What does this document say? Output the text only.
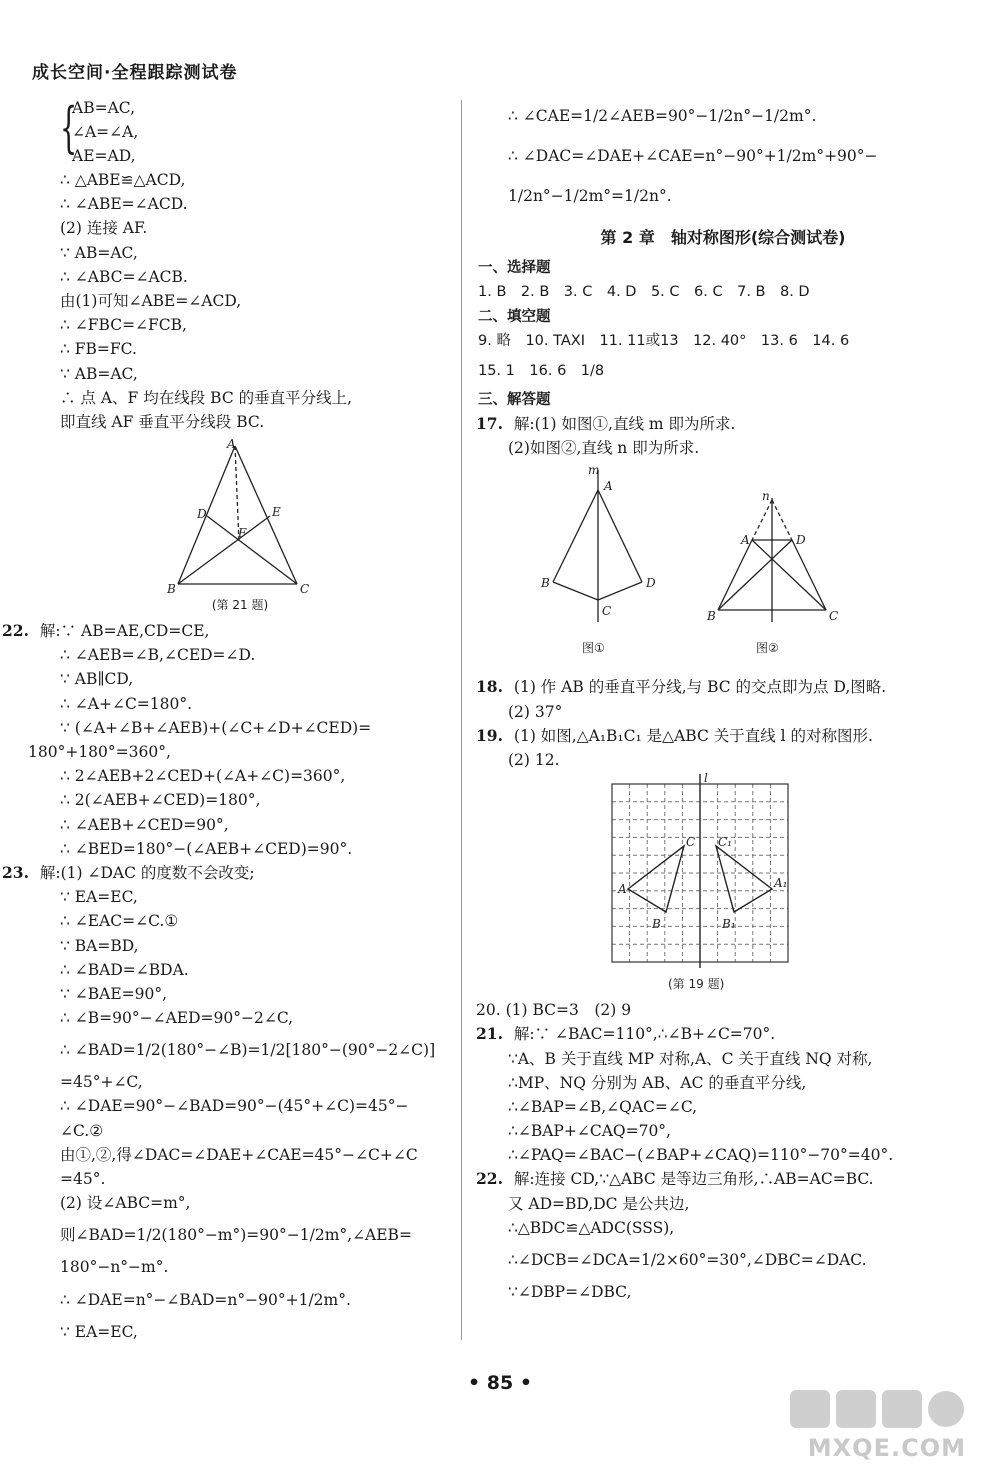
成长空间·全程跟踪测试卷
{
AB=AC,
∠A=∠A,
AE=AD,
∴ △ABE≌△ACD,
∴ ∠ABE=∠ACD.
(2) 连接 AF.
∵ AB=AC,
∴ ∠ABC=∠ACB.
由(1)可知∠ABE=∠ACD,
∴ ∠FBC=∠FCB,
∴ FB=FC.
∵ AB=AC,
∴ 点 A、F 均在线段 BC 的垂直平分线上,
即直线 AF 垂直平分线段 BC.
A
D	E
F
B	C
(第 21 题)
22. 解:∵ AB=AE,CD=CE,
∴ ∠AEB=∠B,∠CED=∠D.
∵ AB∥CD,
∴ ∠A+∠C=180°.
∵ (∠A+∠B+∠AEB)+(∠C+∠D+∠CED)=
180°+180°=360°,
∴ 2∠AEB+2∠CED+(∠A+∠C)=360°,
∴ 2(∠AEB+∠CED)=180°,
∴ ∠AEB+∠CED=90°,
∴ ∠BED=180°−(∠AEB+∠CED)=90°.
23. 解:(1) ∠DAC 的度数不会改变;
∵ EA=EC,
∴ ∠EAC=∠C.①
∵ BA=BD,
∴ ∠BAD=∠BDA.
∵ ∠BAE=90°,
∴ ∠B=90°−∠AED=90°−2∠C,
∴ ∠BAD=1/2(180°−∠B)=1/2[180°−(90°−2∠C)]
=45°+∠C,
∴ ∠DAE=90°−∠BAD=90°−(45°+∠C)=45°−
∠C.②
由①,②,得∠DAC=∠DAE+∠CAE=45°−∠C+∠C
=45°.
(2) 设∠ABC=m°,
则∠BAD=1/2(180°−m°)=90°−1/2m°,∠AEB=
180°−n°−m°.
∴ ∠DAE=n°−∠BAD=n°−90°+1/2m°.
∵ EA=EC,
∴ ∠CAE=1/2∠AEB=90°−1/2n°−1/2m°.
∴ ∠DAC=∠DAE+∠CAE=n°−90°+1/2m°+90°−
1/2n°−1/2m°=1/2n°.
第 2 章　轴对称图形(综合测试卷)
一、选择题
1. B　2. B　3. C　4. D　5. C　6. C　7. B　8. D
二、填空题
9. 略　10. TAXI　11. 11或13　12. 40°　13. 6　14. 6
15. 1　16. 6　1/8
三、解答题
17. 解:(1) 如图①,直线 m 即为所求.
(2)如图②,直线 n 即为所求.
m
A
B	D
C
n
A	D
B	C
图①	图②
18. (1) 作 AB 的垂直平分线,与 BC 的交点即为点 D,图略.
(2) 37°
19. (1) 如图,△A₁B₁C₁ 是△ABC 关于直线 l 的对称图形.
(2) 12.
l
C C₁
A	A₁
B	B₁
(第 19 题)
20. (1) BC=3　(2) 9
21. 解:∵ ∠BAC=110°,∴∠B+∠C=70°.
∵A、B 关于直线 MP 对称,A、C 关于直线 NQ 对称,
∴MP、NQ 分别为 AB、AC 的垂直平分线,
∴∠BAP=∠B,∠QAC=∠C,
∴∠BAP+∠CAQ=70°,
∴∠PAQ=∠BAC−(∠BAP+∠CAQ)=110°−70°=40°.
22. 解:连接 CD,∵△ABC 是等边三角形,∴AB=AC=BC.
又 AD=BD,DC 是公共边,
∴△BDC≌△ADC(SSS),
∴∠DCB=∠DCA=1/2×60°=30°,∠DBC=∠DAC.
∵∠DBP=∠DBC,
• 85 •
MXQE.COM
